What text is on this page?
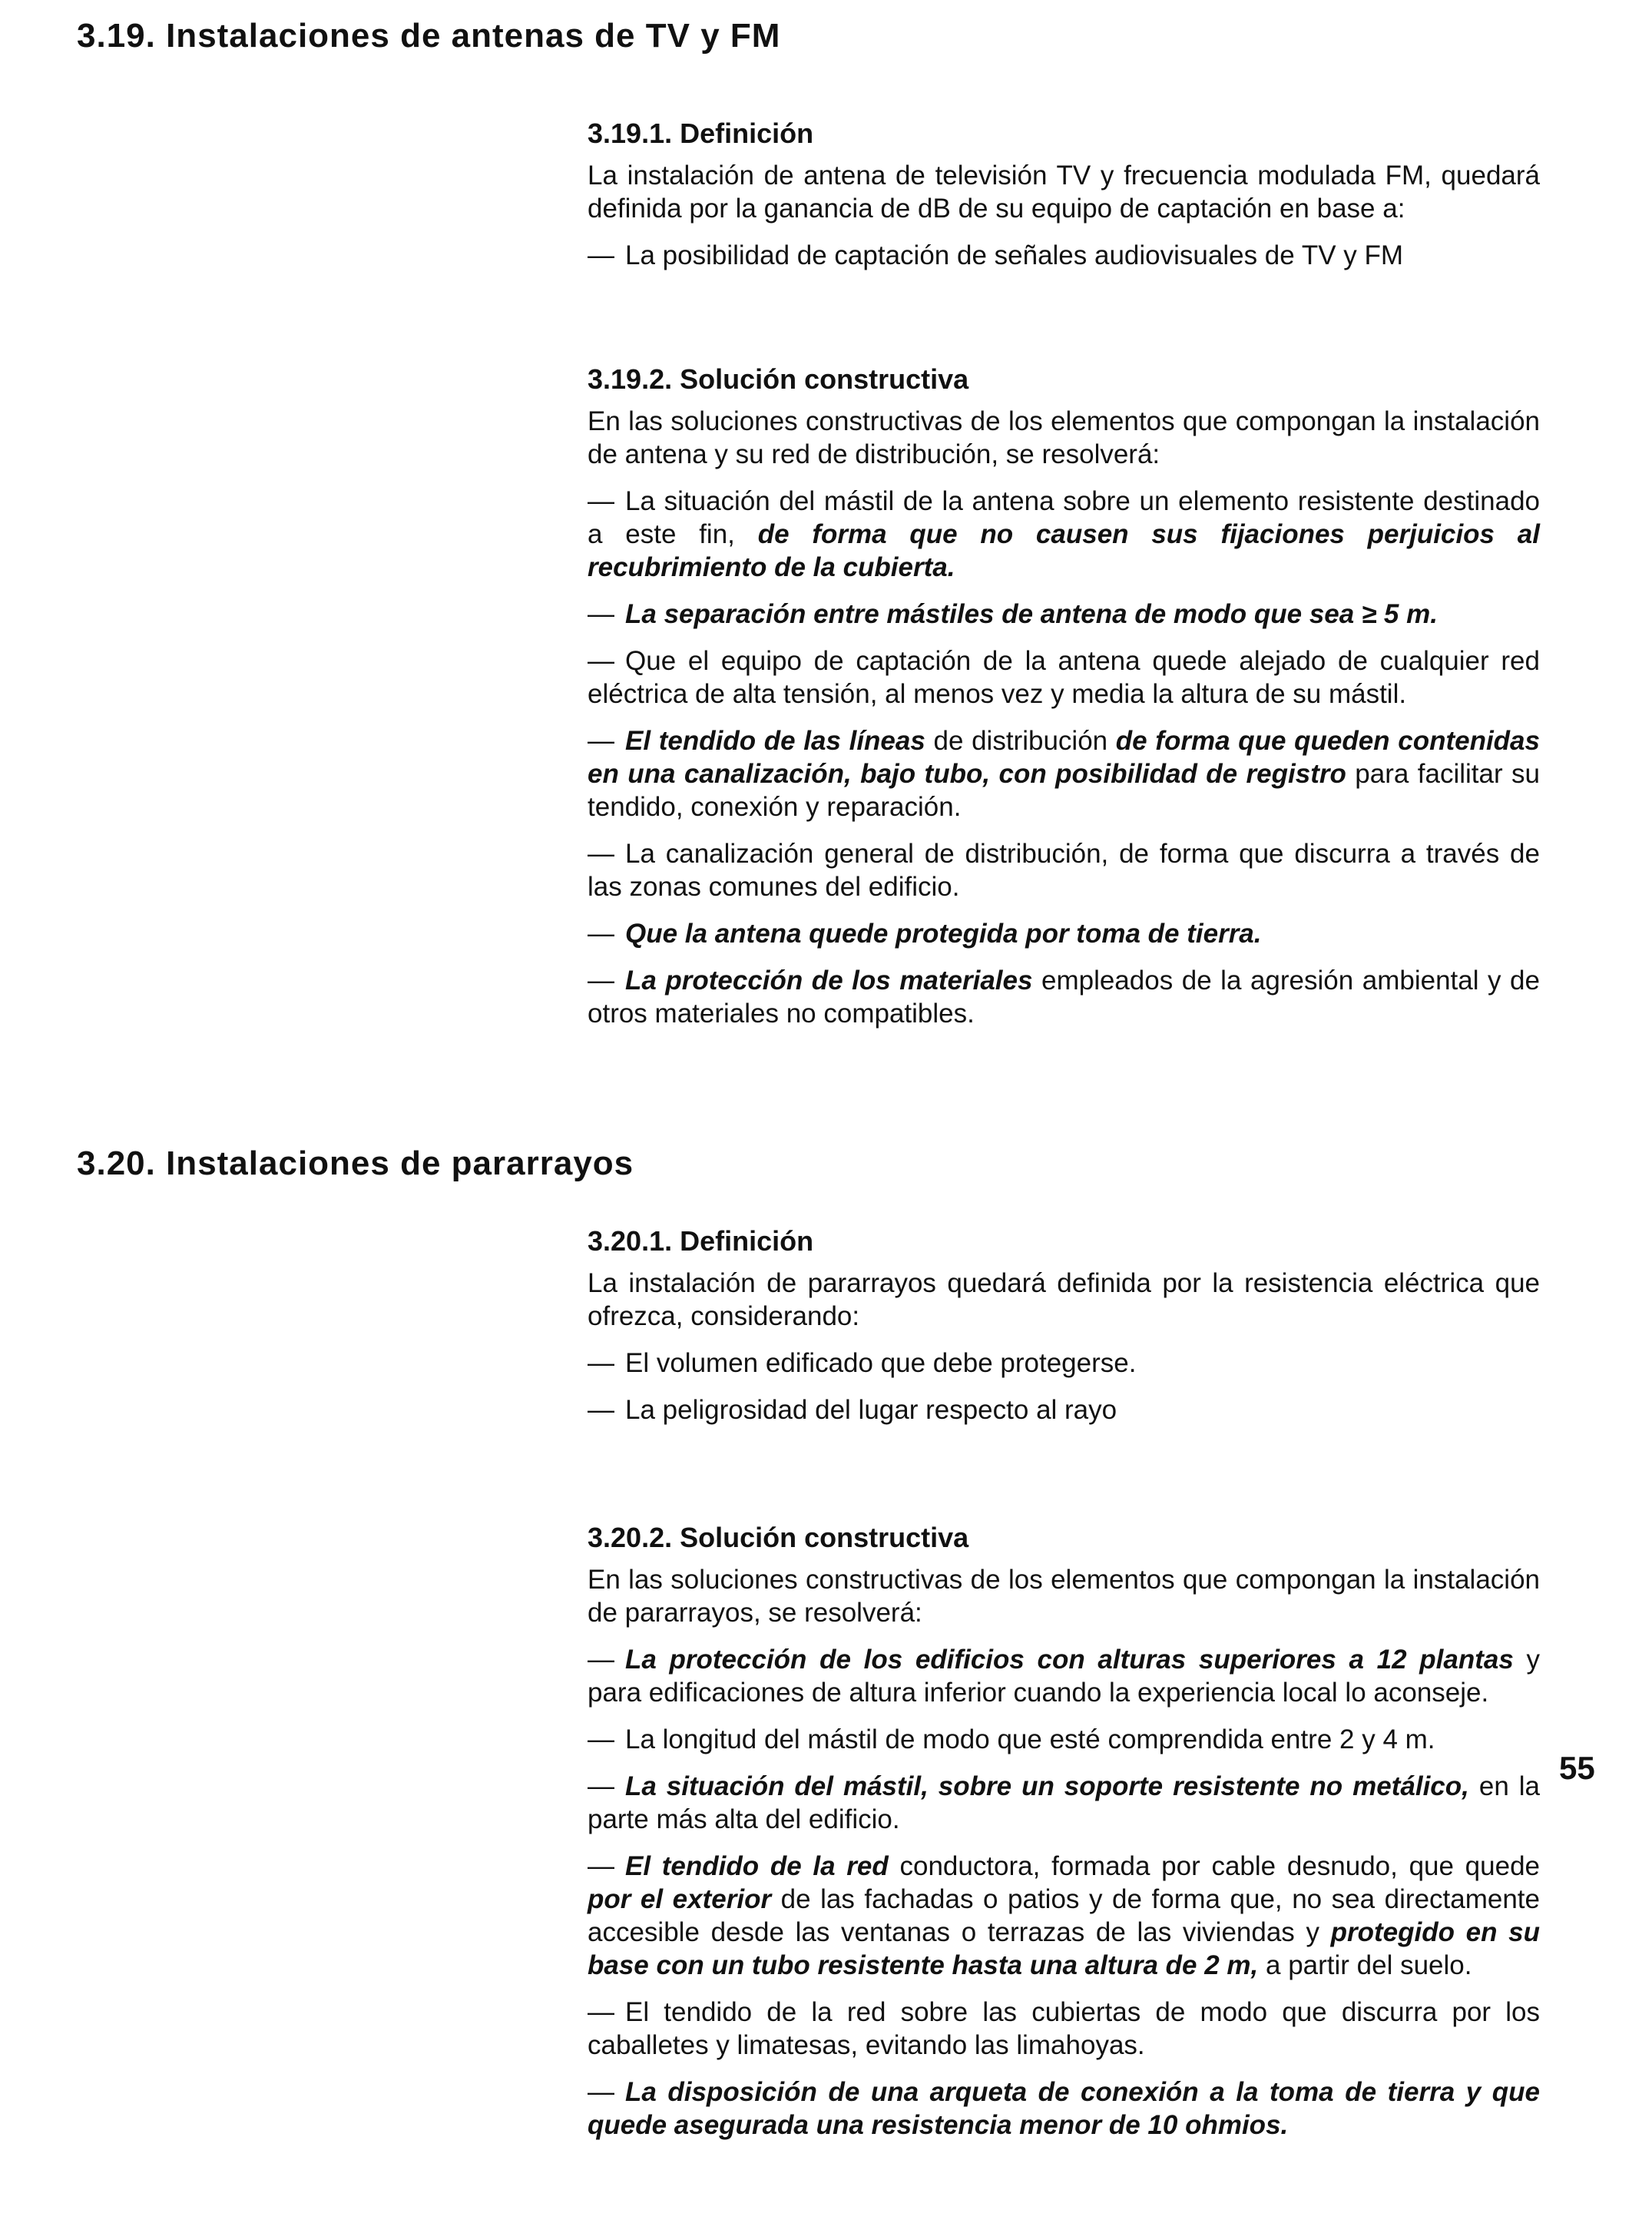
3.19. Instalaciones de antenas de TV y FM
3.19.1. Definición
La instalación de antena de televisión TV y frecuencia modulada FM, quedará definida por la ganancia de dB de su equipo de captación en base a:
— La posibilidad de captación de señales audiovisuales de TV y FM
3.19.2. Solución constructiva
En las soluciones constructivas de los elementos que compongan la instalación de antena y su red de distribución, se resolverá:
— La situación del mástil de la antena sobre un elemento resistente destinado a este fin, de forma que no causen sus fijaciones perjuicios al recubrimiento de la cubierta.
— La separación entre mástiles de antena de modo que sea ≥ 5 m.
— Que el equipo de captación de la antena quede alejado de cualquier red eléctrica de alta tensión, al menos vez y media la altura de su mástil.
— El tendido de las líneas de distribución de forma que queden contenidas en una canalización, bajo tubo, con posibilidad de registro para facilitar su tendido, conexión y reparación.
— La canalización general de distribución, de forma que discurra a través de las zonas comunes del edificio.
— Que la antena quede protegida por toma de tierra.
— La protección de los materiales empleados de la agresión ambiental y de otros materiales no compatibles.
3.20. Instalaciones de pararrayos
3.20.1. Definición
La instalación de pararrayos quedará definida por la resistencia eléctrica que ofrezca, considerando:
— El volumen edificado que debe protegerse.
— La peligrosidad del lugar respecto al rayo
3.20.2. Solución constructiva
En las soluciones constructivas de los elementos que compongan la instalación de pararrayos, se resolverá:
— La protección de los edificios con alturas superiores a 12 plantas y para edificaciones de altura inferior cuando la experiencia local lo aconseje.
— La longitud del mástil de modo que esté comprendida entre 2 y 4 m.
— La situación del mástil, sobre un soporte resistente no metálico, en la parte más alta del edificio.
— El tendido de la red conductora, formada por cable desnudo, que quede por el exterior de las fachadas o patios y de forma que, no sea directamente accesible desde las ventanas o terrazas de las viviendas y protegido en su base con un tubo resistente hasta una altura de 2 m, a partir del suelo.
— El tendido de la red sobre las cubiertas de modo que discurra por los caballetes y limatesas, evitando las limahoyas.
— La disposición de una arqueta de conexión a la toma de tierra y que quede asegurada una resistencia menor de 10 ohmios.
55
